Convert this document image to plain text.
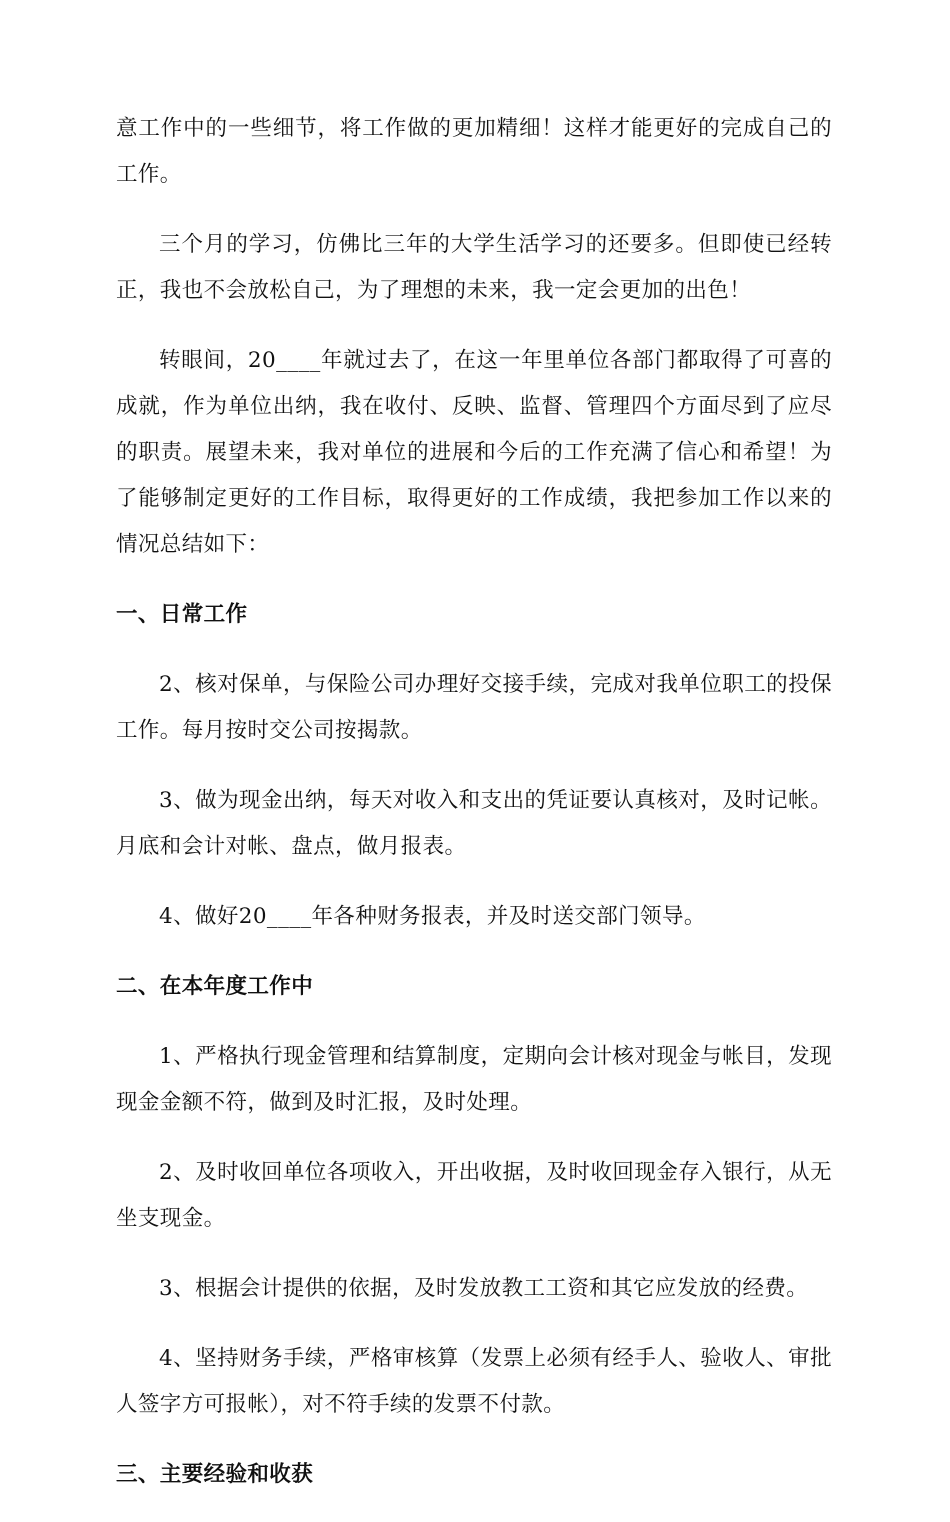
意工作中的一些细节，将工作做的更加精细！这样才能更好的完成自己的工作。

三个月的学习，仿佛比三年的大学生活学习的还要多。但即使已经转正，我也不会放松自己，为了理想的未来，我一定会更加的出色！

转眼间，20____年就过去了，在这一年里单位各部门都取得了可喜的成就，作为单位出纳，我在收付、反映、监督、管理四个方面尽到了应尽的职责。展望未来，我对单位的进展和今后的工作充满了信心和希望！为了能够制定更好的工作目标，取得更好的工作成绩，我把参加工作以来的情况总结如下：

一、日常工作

2、核对保单，与保险公司办理好交接手续，完成对我单位职工的投保工作。每月按时交公司按揭款。

3、做为现金出纳，每天对收入和支出的凭证要认真核对，及时记帐。月底和会计对帐、盘点，做月报表。

4、做好20____年各种财务报表，并及时送交部门领导。

二、在本年度工作中

1、严格执行现金管理和结算制度，定期向会计核对现金与帐目，发现现金金额不符，做到及时汇报，及时处理。

2、及时收回单位各项收入，开出收据，及时收回现金存入银行，从无坐支现金。

3、根据会计提供的依据，及时发放教工工资和其它应发放的经费。

4、坚持财务手续，严格审核算（发票上必须有经手人、验收人、审批人签字方可报帐），对不符手续的发票不付款。

三、主要经验和收获
